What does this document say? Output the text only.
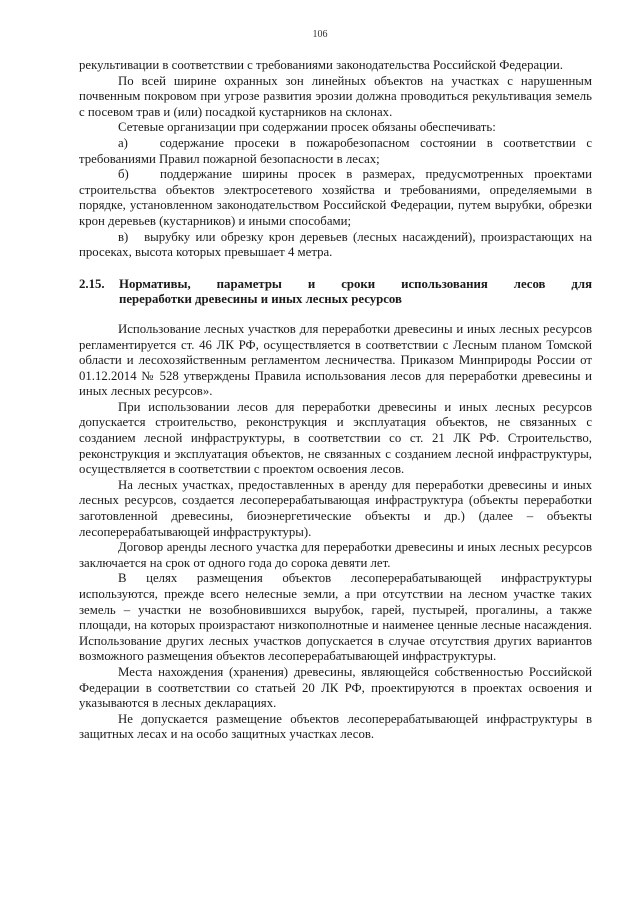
106

рекультивации в соответствии с требованиями законодательства Российской Федерации.

По всей ширине охранных зон линейных объектов на участках с нарушенным почвенным покровом при угрозе развития эрозии должна проводиться рекультивация земель с посевом трав и (или) посадкой кустарников на склонах.

Сетевые организации при содержании просек обязаны обеспечивать:

а)   содержание просеки в пожаробезопасном состоянии в соответствии с требованиями Правил пожарной безопасности в лесах;

б)   поддержание ширины просек в размерах, предусмотренных проектами строительства объектов электросетевого хозяйства и требованиями, определяемыми в порядке, установленном законодательством Российской Федерации, путем вырубки, обрезки крон деревьев (кустарников) и иными способами;

в)   вырубку или обрезку крон деревьев (лесных насаждений), произрастающих на просеках, высота которых превышает 4 метра.

2.15.	Нормативы, параметры и сроки использования лесов для
переработки древесины и иных лесных ресурсов

Использование лесных участков для переработки древесины и иных лесных ресурсов регламентируется ст. 46 ЛК РФ, осуществляется в соответствии с Лесным планом Томской области и лесохозяйственным регламентом лесничества. Приказом Минприроды России от 01.12.2014 № 528 утверждены Правила использования лесов для переработки древесины и иных лесных ресурсов».

При использовании лесов для переработки древесины и иных лесных ресурсов допускается строительство, реконструкция и эксплуатация объектов, не связанных с созданием лесной инфраструктуры, в соответствии со ст. 21 ЛК РФ. Строительство, реконструкция и эксплуатация объектов, не связанных с созданием лесной инфраструктуры, осуществляется в соответствии с проектом освоения лесов.

На лесных участках, предоставленных в аренду для переработки древесины и иных лесных ресурсов, создается лесоперерабатывающая инфраструктура (объекты переработки заготовленной древесины, биоэнергетические объекты и др.) (далее – объекты лесоперерабатывающей инфраструктуры).

Договор аренды лесного участка для переработки древесины и иных лесных ресурсов заключается на срок от одного года до сорока девяти лет.

В целях размещения объектов лесоперерабатывающей инфраструктуры используются, прежде всего нелесные земли, а при отсутствии на лесном участке таких земель – участки не возобновившихся вырубок, гарей, пустырей, прогалины, а также площади, на которых произрастают низкополнотные и наименее ценные лесные насаждения. Использование других лесных участков допускается в случае отсутствия других вариантов возможного размещения объектов лесоперерабатывающей инфраструктуры.

Места нахождения (хранения) древесины, являющейся собственностью Российской Федерации в соответствии со статьей 20 ЛК РФ, проектируются в проектах освоения и указываются в лесных декларациях.

Не допускается размещение объектов лесоперерабатывающей инфраструктуры в защитных лесах и на особо защитных участках лесов.
